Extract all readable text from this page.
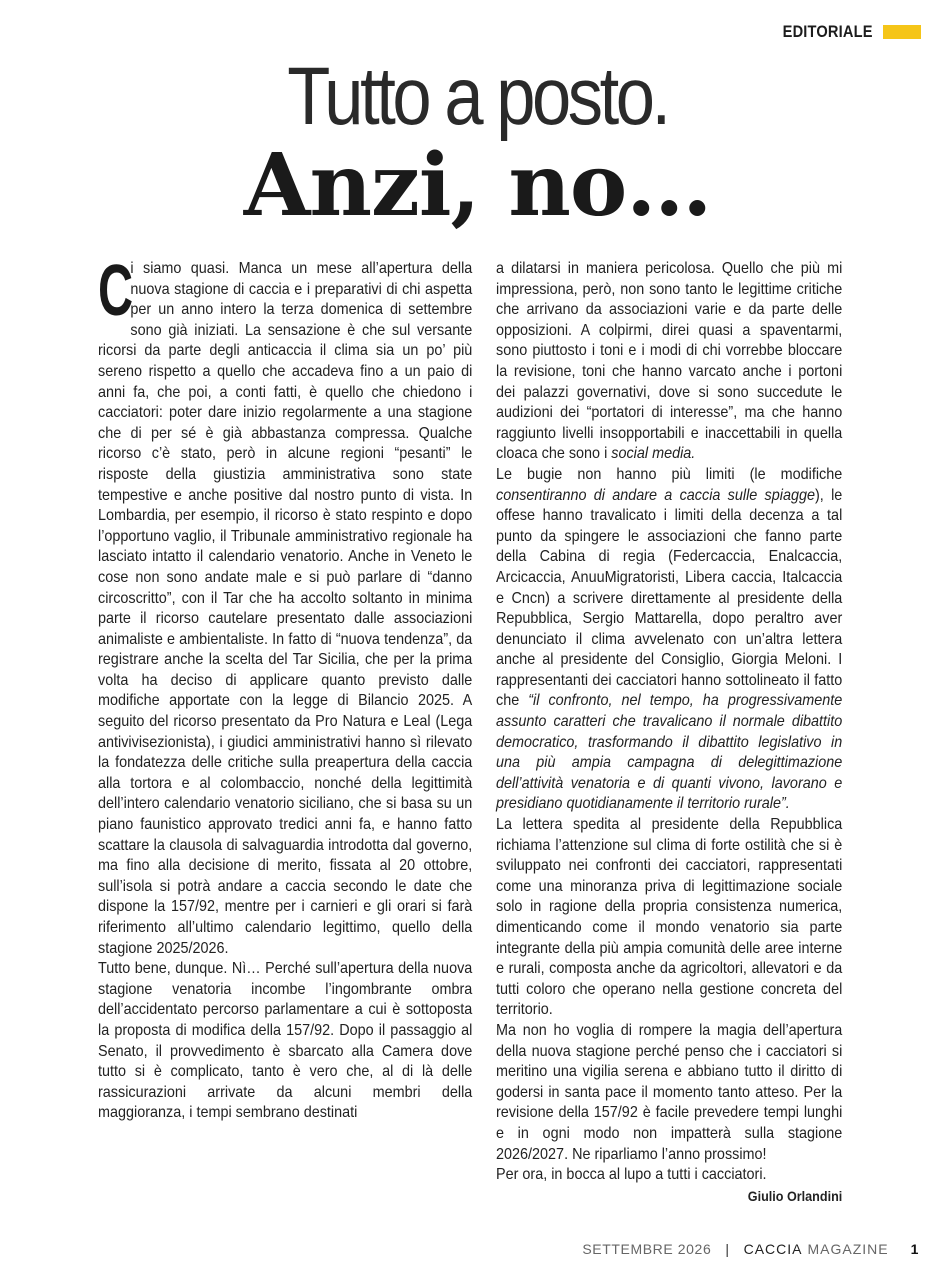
EDITORIALE
Tutto a posto.
Anzi, no…

C
i siamo quasi. Manca un mese all’apertura della nuova stagione di caccia e i preparativi di chi aspetta per un anno intero la terza domenica di settembre sono già iniziati. La sensazione è che sul versante ricorsi da parte degli anticaccia il clima sia un po’ più sereno rispetto a quello che accadeva fino a un paio di anni fa, che poi, a conti fatti, è quello che chiedono i cacciatori: poter dare inizio regolarmente a una stagione che di per sé è già abbastanza compressa. Qualche ricorso c’è stato, però in alcune regioni “pesanti” le risposte della giustizia amministrativa sono state tempestive e anche positive dal nostro punto di vista. In Lombardia, per esempio, il ricorso è stato respinto e dopo l’opportuno vaglio, il Tribunale amministrativo regionale ha lasciato intatto il calendario venatorio. Anche in Veneto le cose non sono andate male e si può parlare di “danno circoscritto”, con il Tar che ha accolto soltanto in minima parte il ricorso cautelare presentato dalle associazioni animaliste e ambientaliste. In fatto di “nuova tendenza”, da registrare anche la scelta del Tar Sicilia, che per la prima volta ha deciso di applicare quanto previsto dalle modifiche apportate con la legge di Bilancio 2025. A seguito del ricorso presentato da Pro Natura e Leal (Lega antivivisezionista), i giudici amministrativi hanno sì rilevato la fondatezza delle critiche sulla preapertura della caccia alla tortora e al colombaccio, nonché della legittimità dell’intero calendario venatorio siciliano, che si basa su un piano faunistico approvato tredici anni fa, e hanno fatto scattare la clausola di salvaguardia introdotta dal governo, ma fino alla decisione di merito, fissata al 20 ottobre, sull’isola si potrà andare a caccia secondo le date che dispone la 157/92, mentre per i carnieri e gli orari si farà riferimento all’ultimo calendario legittimo, quello della stagione 2025/2026.

Tutto bene, dunque. Nì… Perché sull’apertura della nuova stagione venatoria incombe l’ingombrante ombra dell’accidentato percorso parlamentare a cui è sottoposta la proposta di modifica della 157/92. Dopo il passaggio al Senato, il provvedimento è sbarcato alla Camera dove tutto si è complicato, tanto è vero che, al di là delle rassicurazioni arrivate da alcuni membri della maggioranza, i tempi sembrano destinati

a dilatarsi in maniera pericolosa. Quello che più mi impressiona, però, non sono tanto le legittime critiche che arrivano da associazioni varie e da parte delle opposizioni. A colpirmi, direi quasi a spaventarmi, sono piuttosto i toni e i modi di chi vorrebbe bloccare la revisione, toni che hanno varcato anche i portoni dei palazzi governativi, dove si sono succedute le audizioni dei “portatori di interesse”, ma che hanno raggiunto livelli insopportabili e inaccettabili in quella cloaca che sono i social media.

Le bugie non hanno più limiti (le modifiche consentiranno di andare a caccia sulle spiagge), le offese hanno travalicato i limiti della decenza a tal punto da spingere le associazioni che fanno parte della Cabina di regia (Federcaccia, Enalcaccia, Arcicaccia, AnuuMigratoristi, Libera caccia, Italcaccia e Cncn) a scrivere direttamente al presidente della Repubblica, Sergio Mattarella, dopo peraltro aver denunciato il clima avvelenato con un’altra lettera anche al presidente del Consiglio, Giorgia Meloni. I rappresentanti dei cacciatori hanno sottolineato il fatto che “il confronto, nel tempo, ha progressivamente assunto caratteri che travalicano il normale dibattito democratico, trasformando il dibattito legislativo in una più ampia campagna di delegittimazione dell’attività venatoria e di quanti vivono, lavorano e presidiano quotidianamente il territorio rurale”.

La lettera spedita al presidente della Repubblica richiama l’attenzione sul clima di forte ostilità che si è sviluppato nei confronti dei cacciatori, rappresentati come una minoranza priva di legittimazione sociale solo in ragione della propria consistenza numerica, dimenticando come il mondo venatorio sia parte integrante della più ampia comunità delle aree interne e rurali, composta anche da agricoltori, allevatori e da tutti coloro che operano nella gestione concreta del territorio.

Ma non ho voglia di rompere la magia dell’apertura della nuova stagione perché penso che i cacciatori si meritino una vigilia serena e abbiano tutto il diritto di godersi in santa pace il momento tanto atteso. Per la revisione della 157/92 è facile prevedere tempi lunghi e in ogni modo non impatterà sulla stagione 2026/2027. Ne riparliamo l’anno prossimo!

Per ora, in bocca al lupo a tutti i cacciatori.

Giulio Orlandini

SETTEMBRE 2026 | CACCIA MAGAZINE 1
